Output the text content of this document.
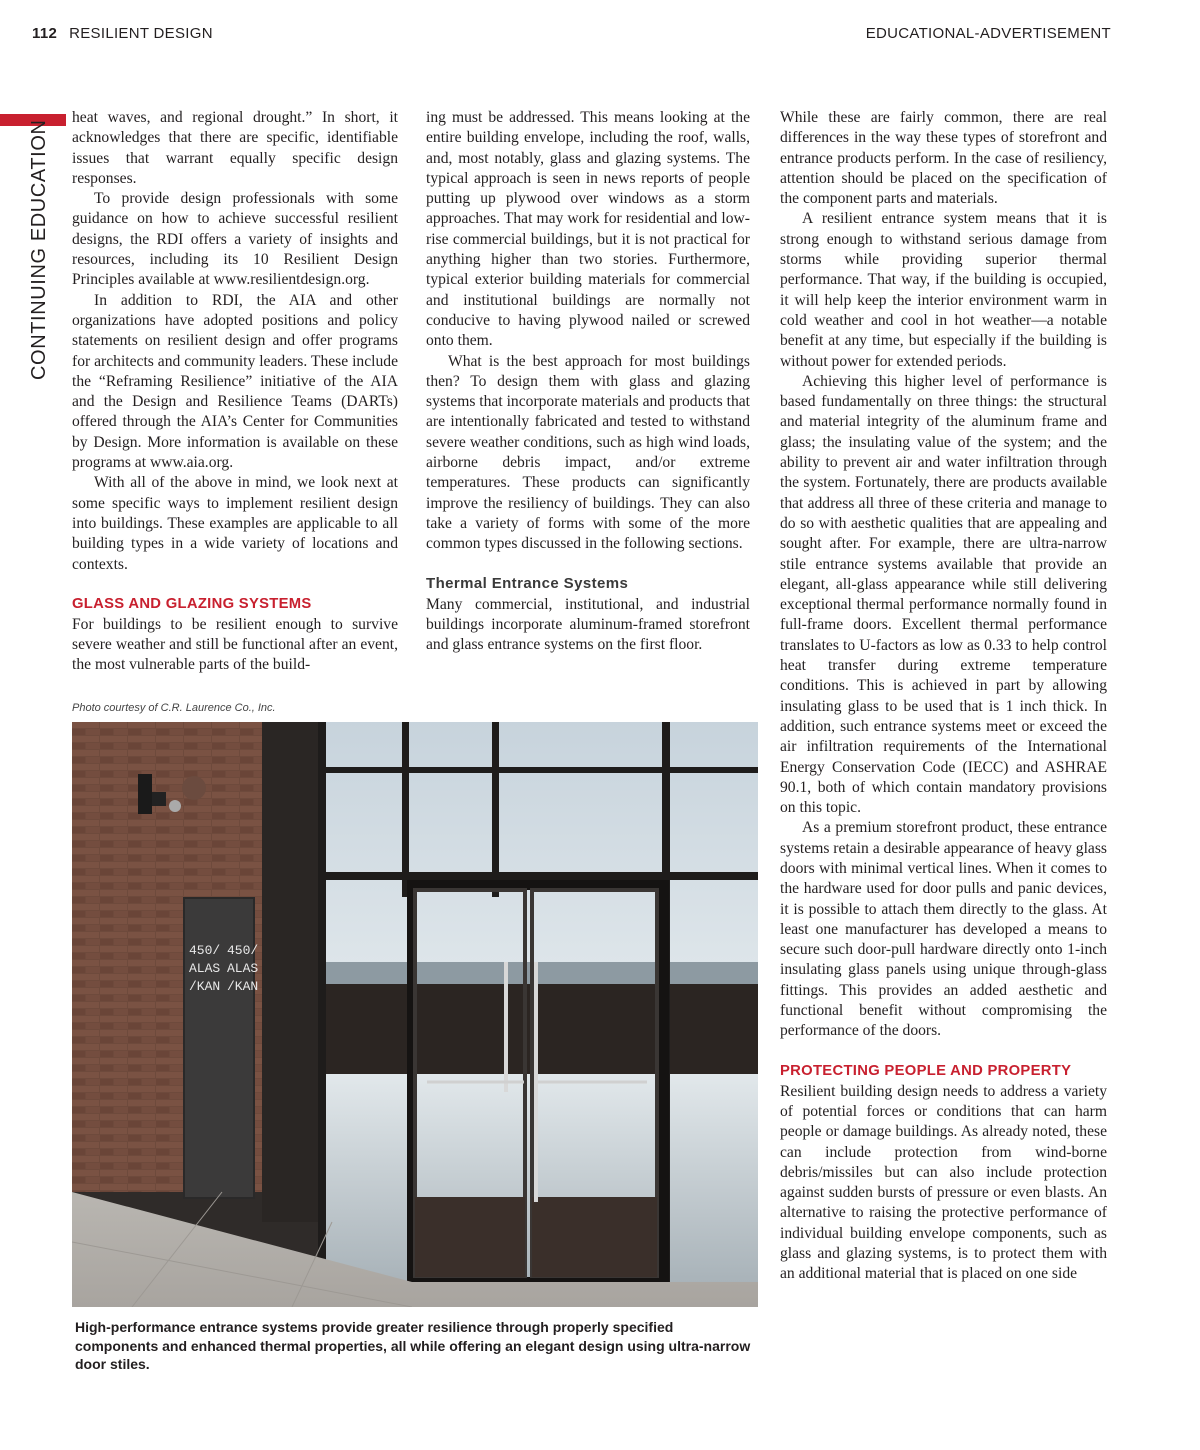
112 RESILIENT DESIGN	EDUCATIONAL-ADVERTISEMENT
CONTINUING EDUCATION

heat waves, and regional drought.” In short, it acknowledges that there are specific, identifiable issues that warrant equally specific design responses.

To provide design professionals with some guidance on how to achieve successful resilient designs, the RDI offers a variety of insights and resources, including its 10 Resilient Design Principles available at www.resilientdesign.org.

In addition to RDI, the AIA and other organizations have adopted positions and policy statements on resilient design and offer programs for architects and community leaders. These include the “Reframing Resilience” initiative of the AIA and the Design and Resilience Teams (DARTs) offered through the AIA’s Center for Communities by Design. More information is available on these programs at www.aia.org.

With all of the above in mind, we look next at some specific ways to implement resilient design into buildings. These examples are applicable to all building types in a wide variety of locations and contexts.

GLASS AND GLAZING SYSTEMS

For buildings to be resilient enough to survive severe weather and still be functional after an event, the most vulnerable parts of the build-

ing must be addressed. This means looking at the entire building envelope, including the roof, walls, and, most notably, glass and glazing systems. The typical approach is seen in news reports of people putting up plywood over windows as a storm approaches. That may work for residential and low-rise commercial buildings, but it is not practical for anything higher than two stories. Furthermore, typical exterior building materials for commercial and institutional buildings are normally not conducive to having plywood nailed or screwed onto them.

What is the best approach for most buildings then? To design them with glass and glazing systems that incorporate materials and products that are intentionally fabricated and tested to withstand severe weather conditions, such as high wind loads, airborne debris impact, and/or extreme temperatures. These products can significantly improve the resiliency of buildings. They can also take a variety of forms with some of the more common types discussed in the following sections.

Thermal Entrance Systems

Many commercial, institutional, and industrial buildings incorporate aluminum-framed storefront and glass entrance systems on the first floor.

While these are fairly common, there are real differences in the way these types of storefront and entrance products perform. In the case of resiliency, attention should be placed on the specification of the component parts and materials.

A resilient entrance system means that it is strong enough to withstand serious damage from storms while providing superior thermal performance. That way, if the building is occupied, it will help keep the interior environment warm in cold weather and cool in hot weather—a notable benefit at any time, but especially if the building is without power for extended periods.

Achieving this higher level of performance is based fundamentally on three things: the structural and material integrity of the aluminum frame and glass; the insulating value of the system; and the ability to prevent air and water infiltration through the system. Fortunately, there are products available that address all three of these criteria and manage to do so with aesthetic qualities that are appealing and sought after. For example, there are ultra-narrow stile entrance systems available that provide an elegant, all-glass appearance while still delivering exceptional thermal performance normally found in full-frame doors. Excellent thermal performance translates to U-factors as low as 0.33 to help control heat transfer during extreme temperature conditions. This is achieved in part by allowing insulating glass to be used that is 1 inch thick. In addition, such entrance systems meet or exceed the air infiltration requirements of the International Energy Conservation Code (IECC) and ASHRAE 90.1, both of which contain mandatory provisions on this topic.

As a premium storefront product, these entrance systems retain a desirable appearance of heavy glass doors with minimal vertical lines. When it comes to the hardware used for door pulls and panic devices, it is possible to attach them directly to the glass. At least one manufacturer has developed a means to secure such door-pull hardware directly onto 1-inch insulating glass panels using unique through-glass fittings. This provides an added aesthetic and functional benefit without compromising the performance of the doors.

PROTECTING PEOPLE AND PROPERTY

Resilient building design needs to address a variety of potential forces or conditions that can harm people or damage buildings. As already noted, these can include protection from wind-borne debris/missiles but can also include protection against sudden bursts of pressure or even blasts. An alternative to raising the protective performance of individual building envelope components, such as glass and glazing systems, is to protect them with an additional material that is placed on one side

Photo courtesy of C.R. Laurence Co., Inc.
450/
ALAS
/KAN
450/
ALAS
/KAN
High-performance entrance systems provide greater resilience through properly specified components and enhanced thermal properties, all while offering an elegant design using ultra-narrow door stiles.
